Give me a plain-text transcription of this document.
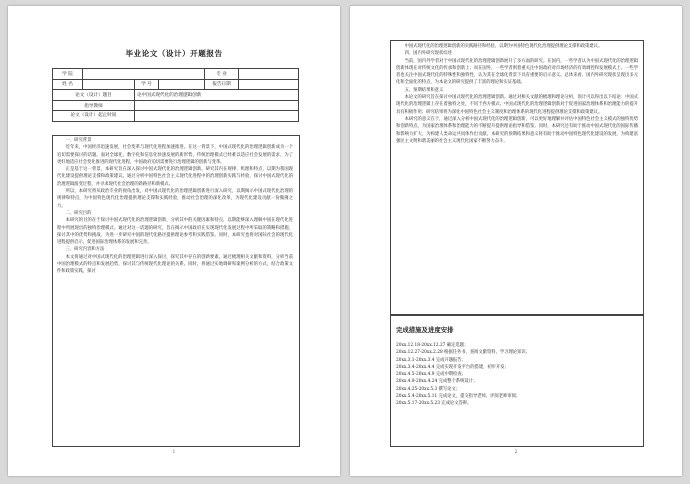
毕业论文（设计）开题报告
学 院				专 业	
姓 名		学 号		报告日期	
论文（设计）题目		论中国式现代化的治理逻辑创新			
指导教师					
论文（设计）起止时间					

一、研究背景

近年来，中国经济迅速发展，社会变革与现代化进程加速推进。在这一背景下，中国式现代化的治理逻辑创新成为一个迫切需要探讨的话题。面对全球化、数字化和信息化快速发展的新形势，传统治理模式已经难以适应社会发展的需求。为了更好地适应社会变化推进的现代化进程，中国政府迫切需要进行治理逻辑的创新与变革。

正是基于这一背景，本研究旨在深入探讨中国式现代化的治理逻辑创新。研究其内在规律、机理和特点，以期为我国现代化建设提供理论支撑和政策建议。通过分析中国特色社会主义现代化进程中的治理创新实践与经验，探讨中国式现代化的治理逻辑演变过程，并寻求现代社会治理的新路径和新模式。

所以，本研究将从政治专业的视角出发，对中国式现代化的治理逻辑创新进行深入研究，以期揭示中国式现代化治理的规律和特点，为中国特色现代化治理提供理论支撑和实践经验，推动社会治理的深化改革，为现代化建设贡献一份微薄之力。

二、研究目的

本研究的目的在于探讨中国式现代化的治理逻辑创新，分析其中的关键因素和特点，以期能够深入理解中国在现代化进程中所展现出的独特治理模式。通过对这一话题的研究，旨在揭示中国政府在实现现代化发展过程中所采取的策略和措施，探讨其中的优势和挑战，为进一步研究中国的现代化路径提供理论参考和实践借鉴。同时，本研究也将对国际社会的现代化进程提供启示，促进国际治理体系的发展和完善。

三、研究内容和方法

本文将通过对中国式现代化的治理逻辑进行深入探讨，探究其中存在的创新要素。通过梳理相关文献和资料，分析当前中国治理模式的特点和发展趋势，探讨其与传统现代化理论的关系。同时，将通过实地调研和案例分析的方式，结合政策文件和政策实践，探讨

1

中国式现代化的治理逻辑创新的实践路径和经验，以期为中国特色现代化治理提供理论支撑和政策建议。

四、国内外研究现状综述

当前，国内外学者对于中国式现代化的治理逻辑创新展开了多方面的研究。在国内，一些学者认为中国式现代化的治理逻辑创新体现在对传统文化的传承和创新上；而在国外，一些学者则着重关注中国政府对市场经济的有效调控和发展模式上。一些学者也关注中国式现代化的特殊性和独特性，认为其在全球化背景下具有重要的启示意义。总体来看，国内外研究现状呈现出多元化和全面化的特点，为本论文的研究提供了丰富的理论和实证基础。

五、预期结果和意义

本论文的研究旨在探讨中国式现代化的治理逻辑创新。通过对相关文献的梳理和理论分析，预计可以得出以下结论：中国式现代化的治理逻辑上存在着独特之处，不同于西方模式；中国式现代化的治理逻辑创新对于促进国家治理体系和治理能力的提升具有积极作用；研究结果将为深化中国特色社会主义制度和治理体系的现代化进程提供理论支撑和政策建议。

本研究的意义在于，通过深入分析中国式现代化的治理逻辑创新，可以更好地理解并评估中国特色社会主义模式的独特优势和创新特点，为国家治理体系和治理能力的不断提升提供理论指导和借鉴。同时，本研究还有助于推动中国式现代化的国际传播和影响力扩大，为构建人类命运共同体作出贡献。本研究的预期结果和意义将有助于推动中国特色现代化建设的发展，为构建富强民主文明和谐美丽的社会主义现代化国家不断努力奋斗。

完成措施及进度安排
20xx.12.18-20xx.12.27 确定选题；
20xx.12.27-20xx.2.28 根据任务书，查阅文献资料，学习理论知识；
20xx.3.1-20xx.3.4 完成开题报告；
20xx.3.4-20xx.4.4 完成实现开发平台的搭建，初步开发；
20xx.4.5-20xx.4.9 完成中期检查；
20xx.4.9-20xx.4.24 完成整个系统设计；
20xx.4.25-20xx.5.3 撰写论文；
20xx.5.4-20xx.5.11 完成论文，提交指导老师，评阅老师审阅；
20xx.5.17-20xx.5.23 完成论文答辩。
2
